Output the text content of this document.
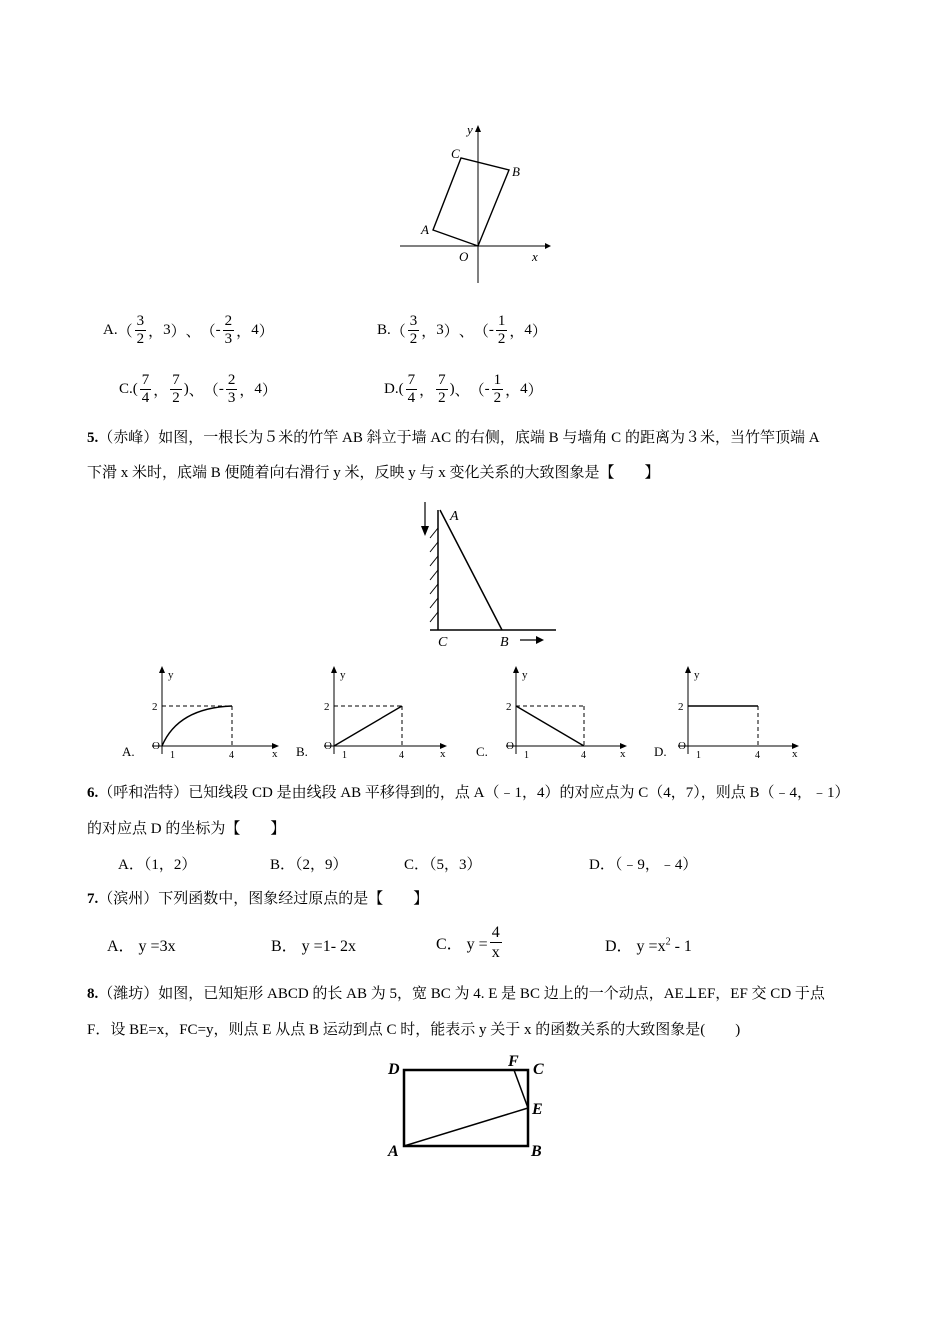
y
C
B
A
O	x
A. （ $\frac{3}{2}$ ， 3 ） 、 （ - $\frac{2}{3}$ ， 4 ）	B. （ $\frac{3}{2}$ ， 3 ） 、 （ - $\frac{1}{2}$ ， 4 ）
C. ( $\frac{7}{4}$ ， $\frac{7}{2}$ ) 、 （ - $\frac{2}{3}$ ， 4 ）	D. ( $\frac{7}{4}$ ， $\frac{7}{2}$ ) 、 （ - $\frac{1}{2}$ ， 4 ）
5.（赤峰）如图，一根长为５米的竹竿 AB 斜立于墙 AC 的右侧，底端 B 与墙角 C 的距离为３米，当竹竿顶端 A
下滑 x 米时，底端 B 便随着向右滑行 y 米，反映 y 与 x 变化关系的大致图象是【　　】
A
C	B
y
2
O
1	4	x
A.
y
2
O
1	4	x
B.
y
2
O
1	4	x
C.
y
2
O
1	4	x
D.
6.（呼和浩特）已知线段 CD 是由线段 AB 平移得到的，点 A（﹣1，4）的对应点为 C（4，7），则点 B（﹣4，﹣1）
的对应点 D 的坐标为【　　】
A．（1，2）	B．（2，9）	C．（5，3）	D．（﹣9，﹣4）
7.（滨州）下列函数中，图象经过原点的是【　　】
A． y =3x	B． y =1- 2x	C． $y = \frac{4}{x}$	D． $y =x^2 - 1$
8.（潍坊）如图，已知矩形 ABCD 的长 AB 为 5，宽 BC 为 4. E 是 BC 边上的一个动点，AE⊥EF，EF 交 CD 于点
F．设 BE=x，FC=y，则点 E 从点 B 运动到点 C 时，能表示 y 关于 x 的函数关系的大致图象是(　　)
D	F C
E
A	B
